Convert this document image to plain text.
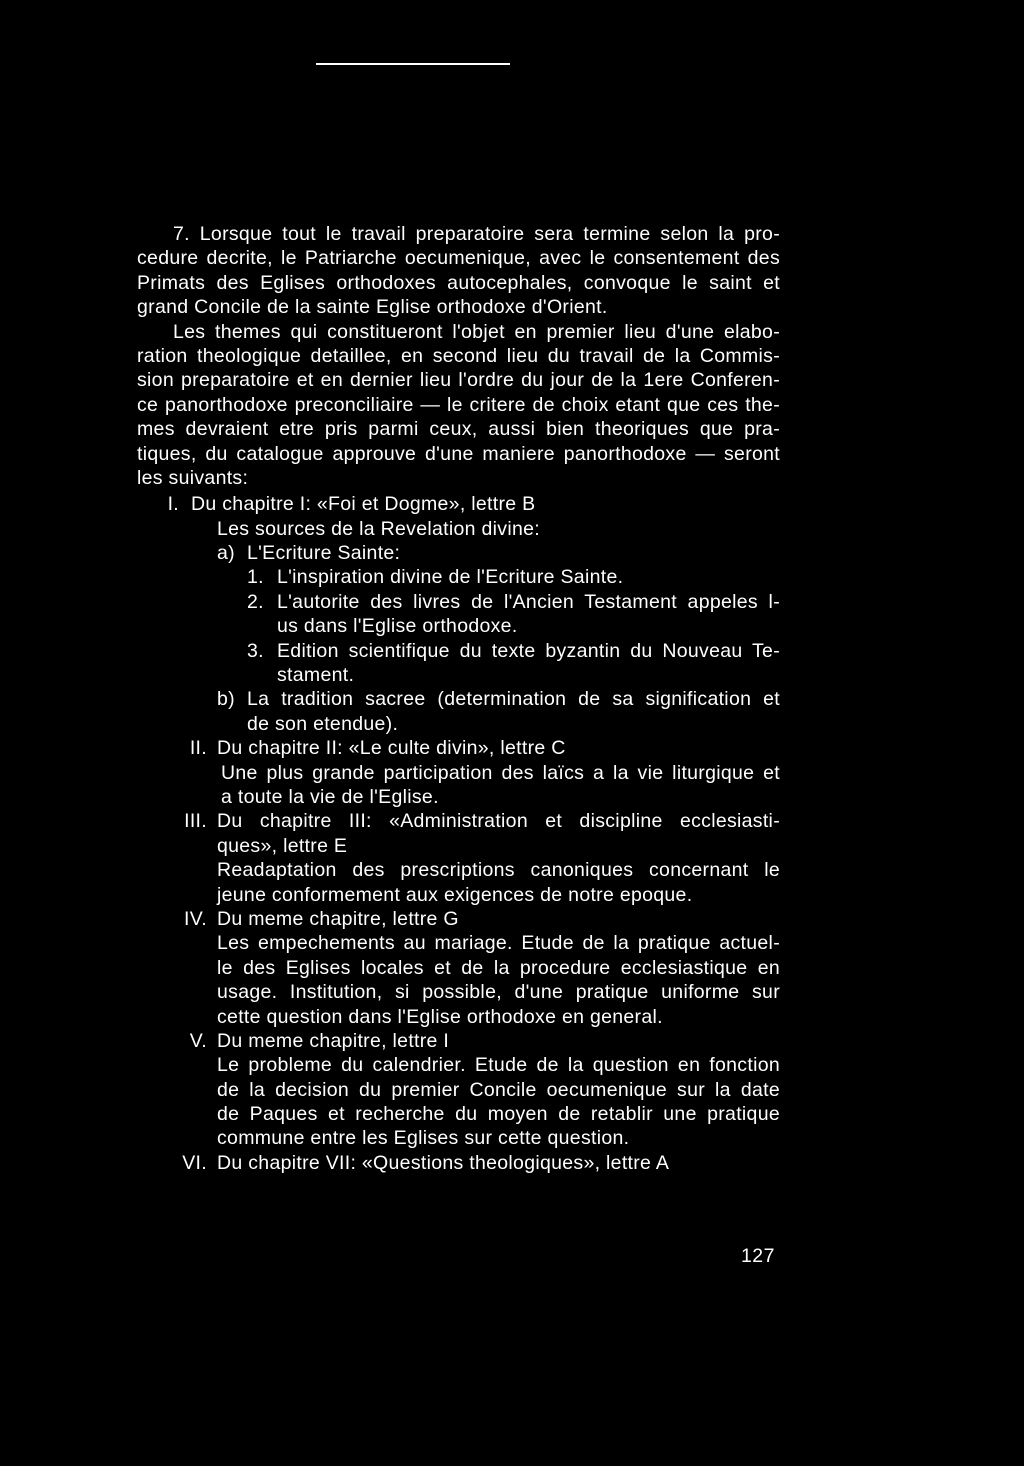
7. Lorsque tout le travail preparatoire sera termine selon la pro-
cedure decrite, le Patriarche oecumenique, avec le consentement des
Primats des Eglises orthodoxes autocephales, convoque le saint et
grand Concile de la sainte Eglise orthodoxe d'Orient.
Les themes qui constitueront l'objet en premier lieu d'une elabo-
ration theologique detaillee, en second lieu du travail de la Commis-
sion preparatoire et en dernier lieu l'ordre du jour de la 1ere Conferen-
ce panorthodoxe preconciliaire — le critere de choix etant que ces the-
mes devraient etre pris parmi ceux, aussi bien theoriques que pra-
tiques, du catalogue approuve d'une maniere panorthodoxe — seront
les suivants:
I. Du chapitre I: «Foi et Dogme», lettre B
Les sources de la Revelation divine:
a) L'Ecriture Sainte:
1. L'inspiration divine de l'Ecriture Sainte.
2. L'autorite des livres de l'Ancien Testament appeles l-
us dans l'Eglise orthodoxe.
3. Edition scientifique du texte byzantin du Nouveau Te-
stament.
b) La tradition sacree (determination de sa signification et
de son etendue).
II. Du chapitre II: «Le culte divin», lettre C
Une plus grande participation des laïcs a la vie liturgique et
a toute la vie de l'Eglise.
III. Du chapitre III: «Administration et discipline ecclesiasti-
ques», lettre E
Readaptation des prescriptions canoniques concernant le
jeune conformement aux exigences de notre epoque.
IV. Du meme chapitre, lettre G
Les empechements au mariage. Etude de la pratique actuel-
le des Eglises locales et de la procedure ecclesiastique en
usage. Institution, si possible, d'une pratique uniforme sur
cette question dans l'Eglise orthodoxe en general.
V. Du meme chapitre, lettre I
Le probleme du calendrier. Etude de la question en fonction
de la decision du premier Concile oecumenique sur la date
de Paques et recherche du moyen de retablir une pratique
commune entre les Eglises sur cette question.
VI. Du chapitre VII: «Questions theologiques», lettre A
127
